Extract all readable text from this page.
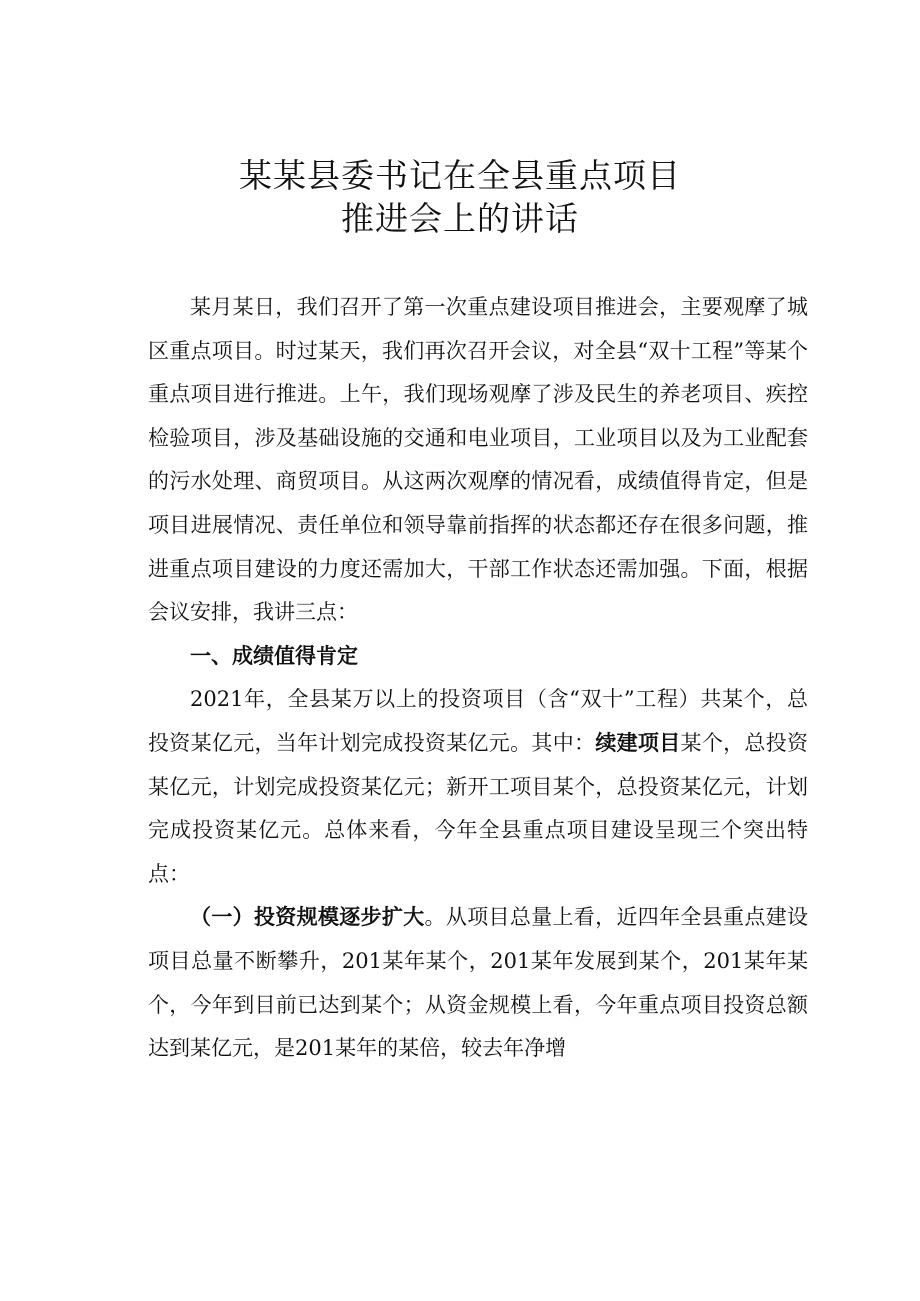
某某县委书记在全县重点项目
推进会上的讲话

某月某日，我们召开了第一次重点建设项目推进会，主要观摩了城区重点项目。时过某天，我们再次召开会议，对全县“双十工程”等某个重点项目进行推进。上午，我们现场观摩了涉及民生的养老项目、疾控检验项目，涉及基础设施的交通和电业项目，工业项目以及为工业配套的污水处理、商贸项目。从这两次观摩的情况看，成绩值得肯定，但是项目进展情况、责任单位和领导靠前指挥的状态都还存在很多问题，推进重点项目建设的力度还需加大，干部工作状态还需加强。下面，根据会议安排，我讲三点：

一、成绩值得肯定

2021年，全县某万以上的投资项目（含“双十”工程）共某个，总投资某亿元，当年计划完成投资某亿元。其中：续建项目某个，总投资某亿元，计划完成投资某亿元；新开工项目某个，总投资某亿元，计划完成投资某亿元。总体来看，今年全县重点项目建设呈现三个突出特点：

（一）投资规模逐步扩大。从项目总量上看，近四年全县重点建设项目总量不断攀升，201某年某个，201某年发展到某个，201某年某个，今年到目前已达到某个；从资金规模上看，今年重点项目投资总额达到某亿元，是201某年的某倍，较去年净增
